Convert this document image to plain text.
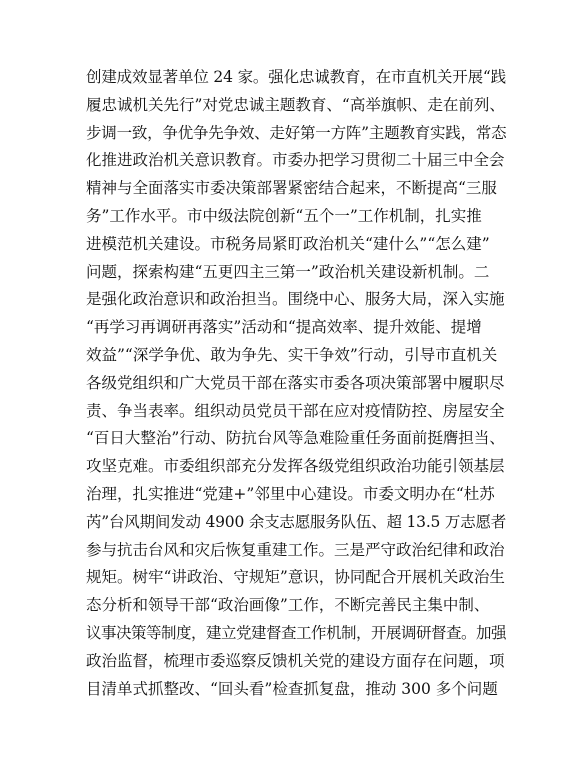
创建成效显著单位 24 家。强化忠诚教育，在市直机关开展“践
履忠诚机关先行”对党忠诚主题教育、“高举旗帜、走在前列、
步调一致，争优争先争效、走好第一方阵”主题教育实践，常态
化推进政治机关意识教育。市委办把学习贯彻二十届三中全会
精神与全面落实市委决策部署紧密结合起来，不断提高“三服
务”工作水平。市中级法院创新“五个一”工作机制，扎实推
进模范机关建设。市税务局紧盯政治机关“建什么”“怎么建”
问题，探索构建“五更四主三第一”政治机关建设新机制。二
是强化政治意识和政治担当。围绕中心、服务大局，深入实施
“再学习再调研再落实”活动和“提高效率、提升效能、提增
效益”“深学争优、敢为争先、实干争效”行动，引导市直机关
各级党组织和广大党员干部在落实市委各项决策部署中履职尽
责、争当表率。组织动员党员干部在应对疫情防控、房屋安全
“百日大整治”行动、防抗台风等急难险重任务面前挺膺担当、
攻坚克难。市委组织部充分发挥各级党组织政治功能引领基层
治理，扎实推进“党建+”邻里中心建设。市委文明办在“杜苏
芮”台风期间发动 4900 余支志愿服务队伍、超 13.5 万志愿者
参与抗击台风和灾后恢复重建工作。三是严守政治纪律和政治
规矩。树牢“讲政治、守规矩”意识，协同配合开展机关政治生
态分析和领导干部“政治画像”工作，不断完善民主集中制、
议事决策等制度，建立党建督查工作机制，开展调研督查。加强
政治监督，梳理市委巡察反馈机关党的建设方面存在问题，项
目清单式抓整改、“回头看”检查抓复盘，推动 300 多个问题
